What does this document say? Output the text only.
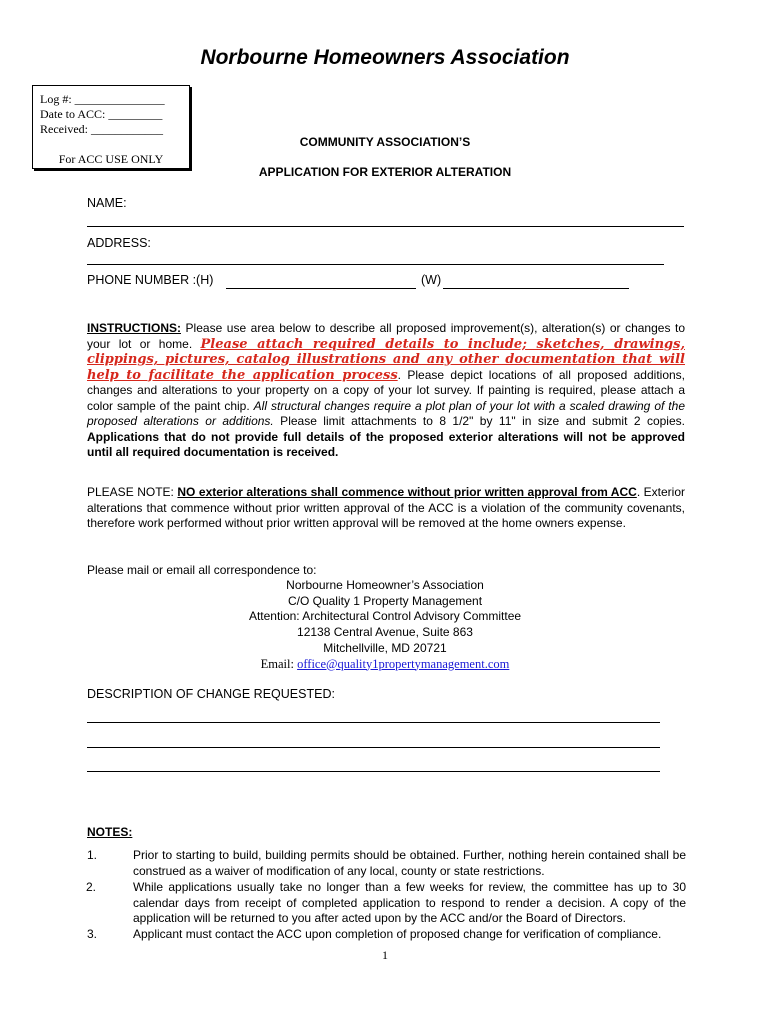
Norbourne Homeowners Association
Log #: _______________
Date to ACC: _________
Received: ____________
For ACC USE ONLY
COMMUNITY ASSOCIATION’S
APPLICATION FOR EXTERIOR ALTERATION
NAME:
ADDRESS:
PHONE NUMBER :(H)	(W)
INSTRUCTIONS: Please use area below to describe all proposed improvement(s), alteration(s) or changes to your lot or home. Please attach required details to include; sketches, drawings, clippings, pictures, catalog illustrations and any other documentation that will help to facilitate the application process. Please depict locations of all proposed additions, changes and alterations to your property on a copy of your lot survey. If painting is required, please attach a color sample of the paint chip. All structural changes require a plot plan of your lot with a scaled drawing of the proposed alterations or additions. Please limit attachments to 8 1/2" by 11" in size and submit 2 copies. Applications that do not provide full details of the proposed exterior alterations will not be approved until all required documentation is received.
PLEASE NOTE: NO exterior alterations shall commence without prior written approval from ACC. Exterior alterations that commence without prior written approval of the ACC is a violation of the community covenants, therefore work performed without prior written approval will be removed at the home owners expense.
Please mail or email all correspondence to:
Norbourne Homeowner’s Association
C/O Quality 1 Property Management
Attention: Architectural Control Advisory Committee
12138 Central Avenue, Suite 863
Mitchellville, MD 20721
Email: office@quality1propertymanagement.com
DESCRIPTION OF CHANGE REQUESTED:
NOTES:
1.	Prior to starting to build, building permits should be obtained. Further, nothing herein contained shall be construed as a waiver of modification of any local, county or state restrictions.
2.	While applications usually take no longer than a few weeks for review, the committee has up to 30 calendar days from receipt of completed application to respond to render a decision. A copy of the application will be returned to you after acted upon by the ACC and/or the Board of Directors.
3.	Applicant must contact the ACC upon completion of proposed change for verification of compliance.
1
